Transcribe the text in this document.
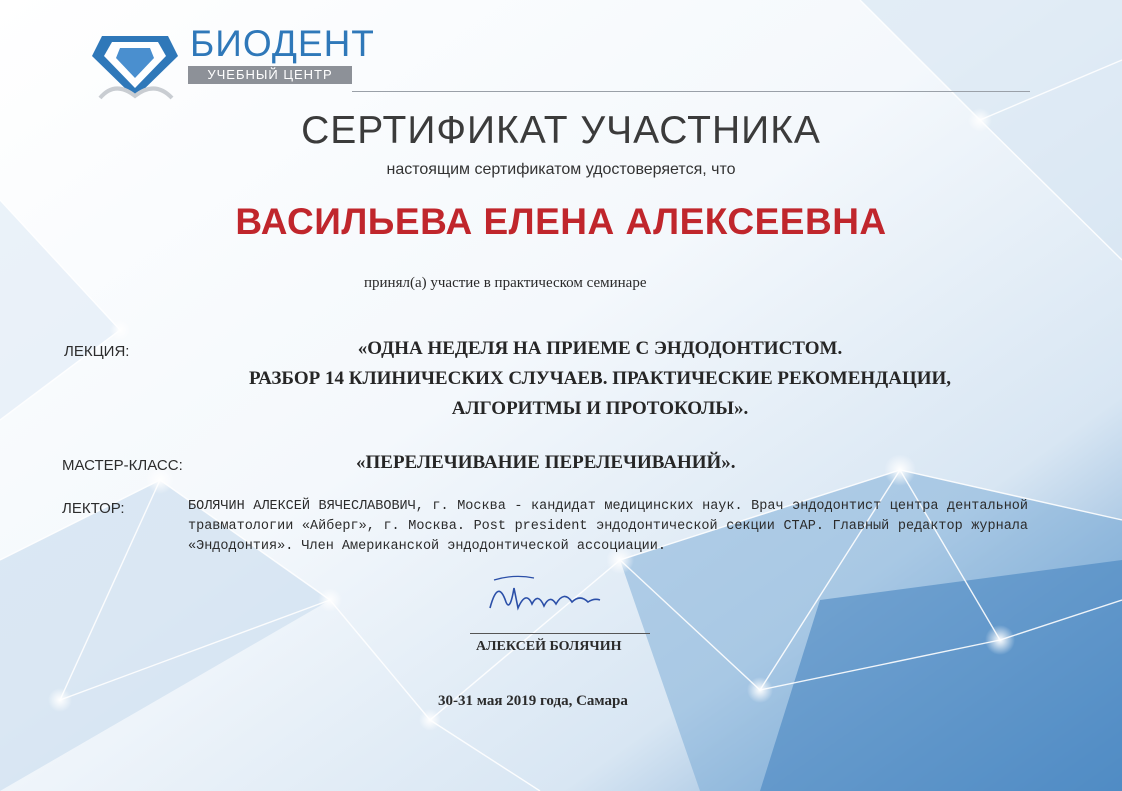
БИОДЕНТ
УЧЕБНЫЙ ЦЕНТР
СЕРТИФИКАТ УЧАСТНИКА
настоящим сертификатом удостоверяется, что
ВАСИЛЬЕВА ЕЛЕНА АЛЕКСЕЕВНА
принял(а) участие в практическом семинаре
ЛЕКЦИЯ:	«ОДНА НЕДЕЛЯ НА ПРИЕМЕ С ЭНДОДОНТИСТОМ.
РАЗБОР 14 КЛИНИЧЕСКИХ СЛУЧАЕВ. ПРАКТИЧЕСКИЕ РЕКОМЕНДАЦИИ,
АЛГОРИТМЫ И ПРОТОКОЛЫ».
МАСТЕР-КЛАСС:	«ПЕРЕЛЕЧИВАНИЕ ПЕРЕЛЕЧИВАНИЙ».
ЛЕКТОР:	БОЛЯЧИН АЛЕКСЕЙ ВЯЧЕСЛАВОВИЧ, г. Москва - кандидат медицинских наук. Врач эндодонтист центра дентальной травматологии «Айберг», г. Москва. Post president эндодонтической секции СТАР. Главный редактор журнала «Эндодонтия». Член Американской эндодонтической ассоциации.
АЛЕКСЕЙ БОЛЯЧИН
30-31 мая 2019 года, Самара
